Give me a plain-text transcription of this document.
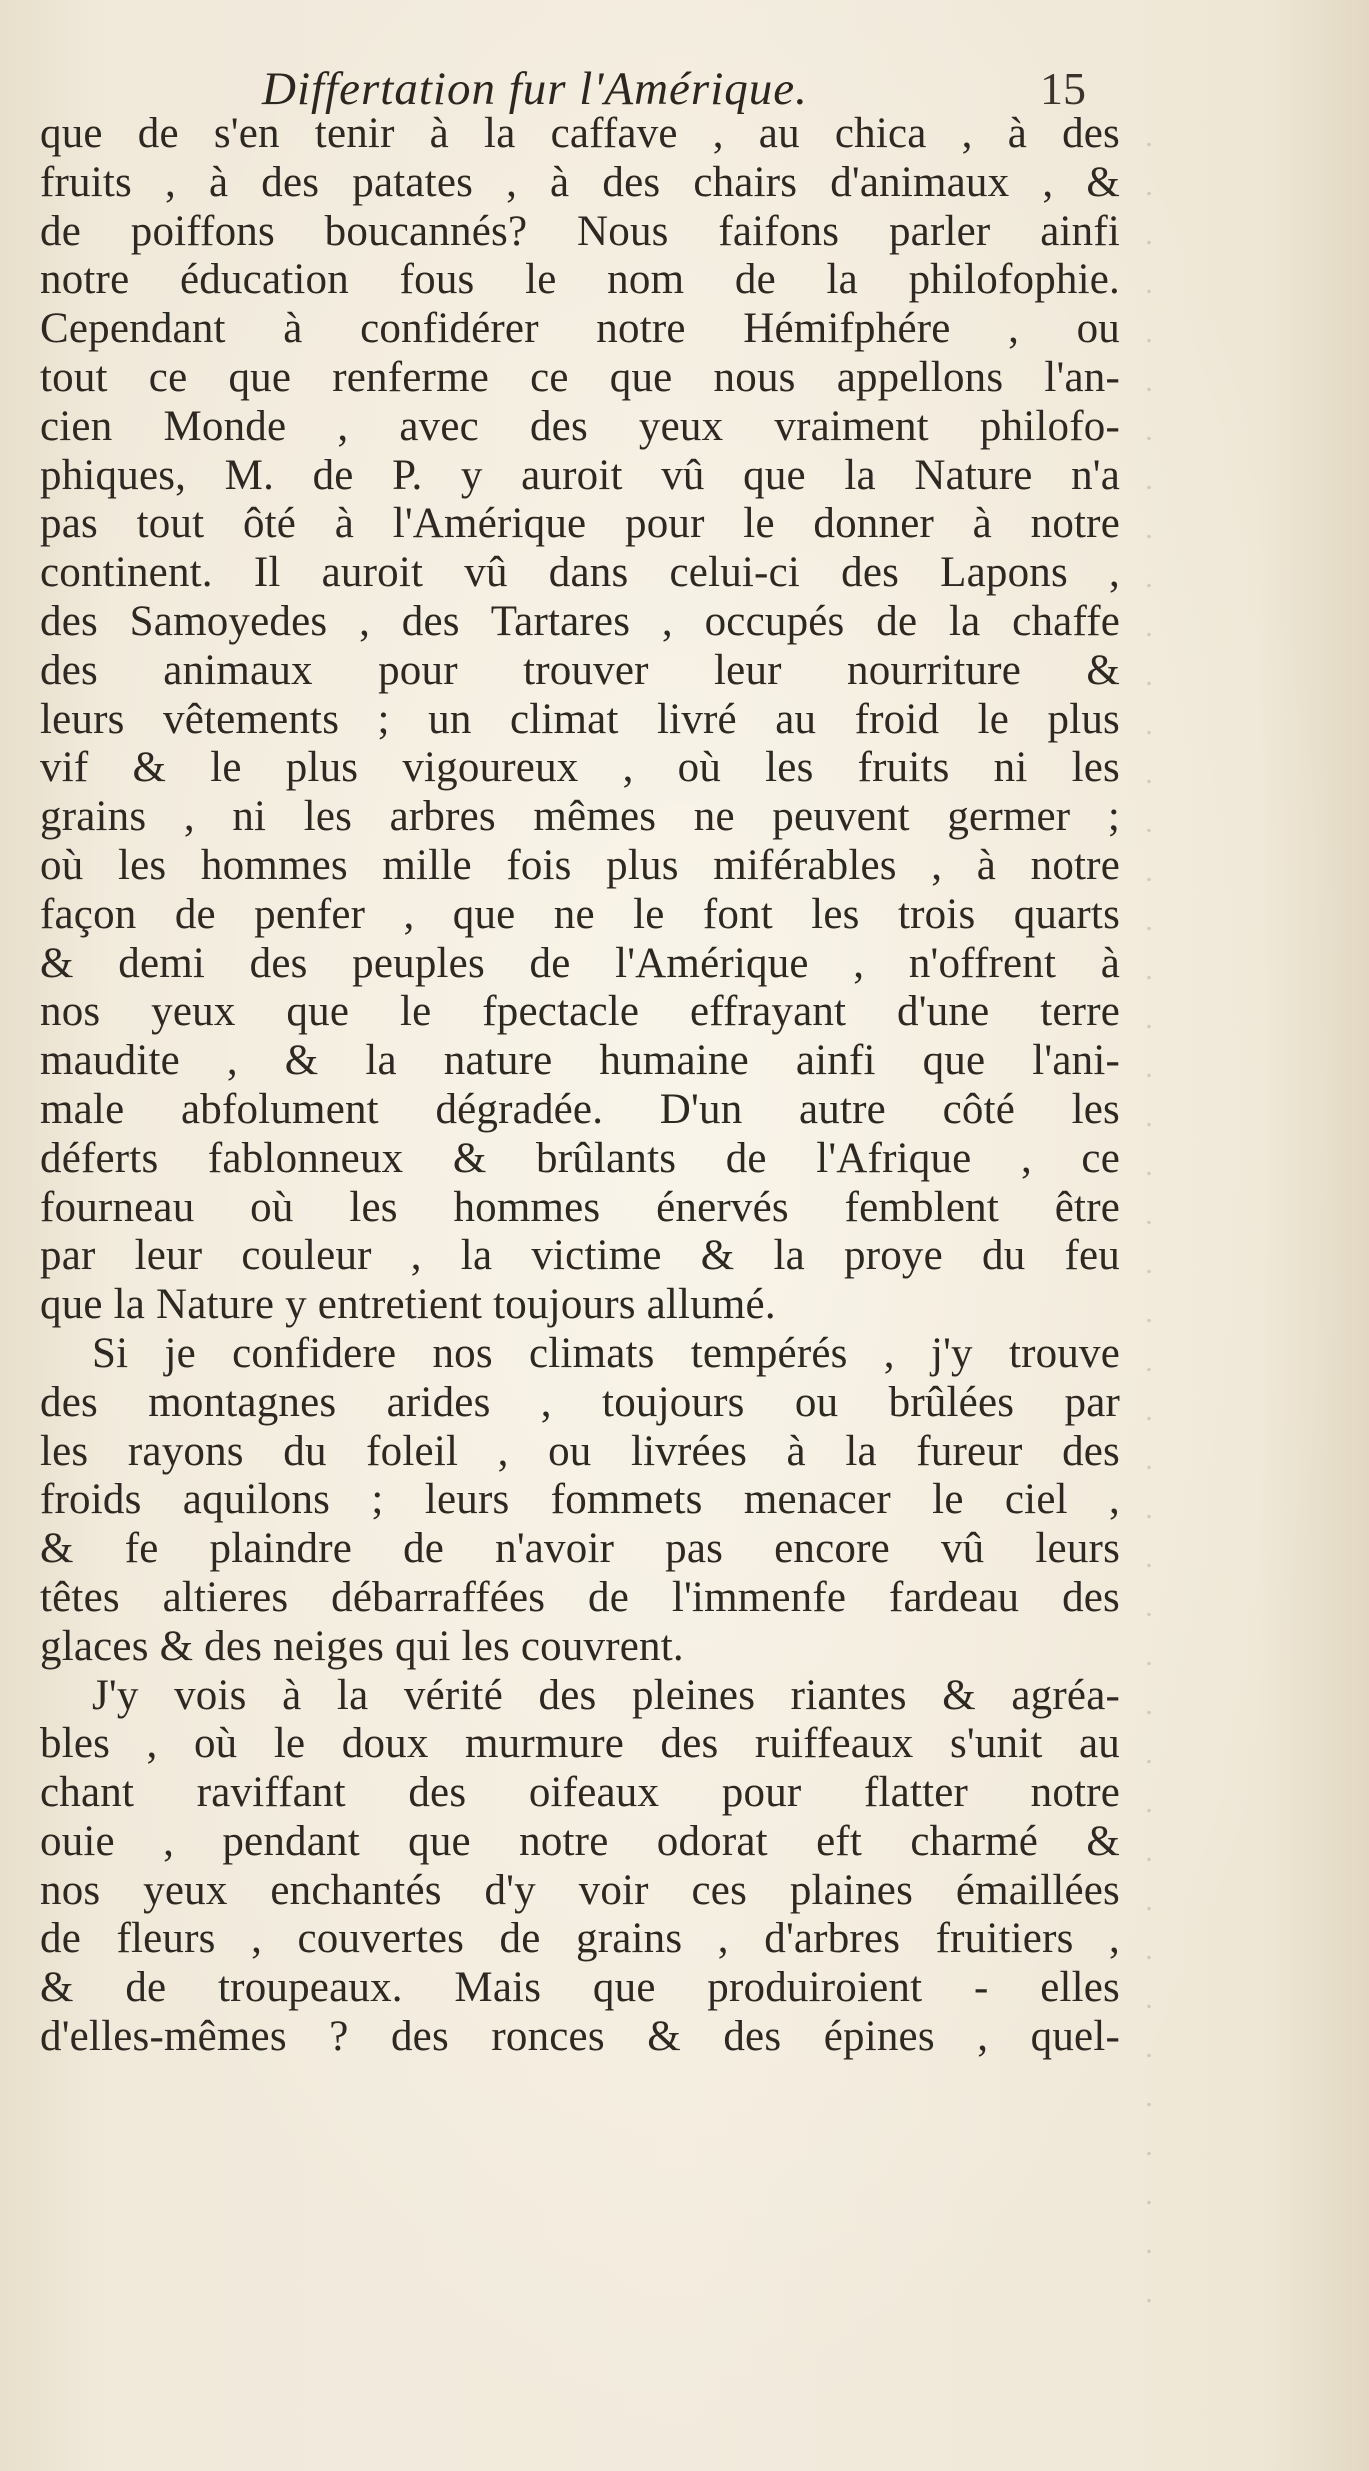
Differtation fur l'Amérique.	15
que de s'en tenir à la caffave , au chica , à des
fruits , à des patates , à des chairs d'animaux , &
de poiffons boucannés? Nous faifons parler ainfi
notre éducation fous le nom de la philofophie.
Cependant à confidérer notre Hémifphére , ou
tout ce que renferme ce que nous appellons l'an-
cien Monde , avec des yeux vraiment philofo-
phiques, M. de P. y auroit vû que la Nature n'a
pas tout ôté à l'Amérique pour le donner à notre
continent. Il auroit vû dans celui-ci des Lapons ,
des Samoyedes , des Tartares , occupés de la chaffe
des animaux pour trouver leur nourriture &
leurs vêtements ; un climat livré au froid le plus
vif & le plus vigoureux , où les fruits ni les
grains , ni les arbres mêmes ne peuvent germer ;
où les hommes mille fois plus miférables , à notre
façon de penfer , que ne le font les trois quarts
& demi des peuples de l'Amérique , n'offrent à
nos yeux que le fpectacle effrayant d'une terre
maudite , & la nature humaine ainfi que l'ani-
male abfolument dégradée. D'un autre côté les
déferts fablonneux & brûlants de l'Afrique , ce
fourneau où les hommes énervés femblent être
par leur couleur , la victime & la proye du feu
que la Nature y entretient toujours allumé.
Si je confidere nos climats tempérés , j'y trouve
des montagnes arides , toujours ou brûlées par
les rayons du foleil , ou livrées à la fureur des
froids aquilons ; leurs fommets menacer le ciel ,
& fe plaindre de n'avoir pas encore vû leurs
têtes altieres débarraffées de l'immenfe fardeau des
glaces & des neiges qui les couvrent.
J'y vois à la vérité des pleines riantes & agréa-
bles , où le doux murmure des ruiffeaux s'unit au
chant raviffant des oifeaux pour flatter notre
ouie , pendant que notre odorat eft charmé &
nos yeux enchantés d'y voir ces plaines émaillées
de fleurs , couvertes de grains , d'arbres fruitiers ,
& de troupeaux. Mais que produiroient - elles
d'elles-mêmes ? des ronces & des épines , quel-
